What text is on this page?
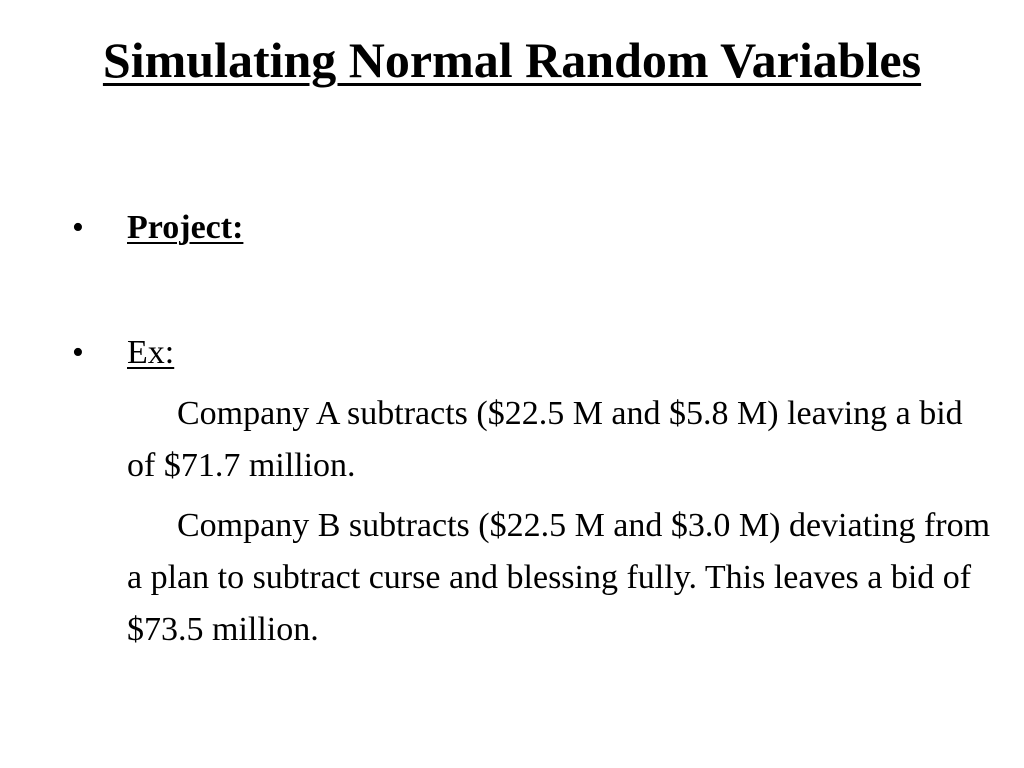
Simulating Normal Random Variables
• Project:
• Ex:

Company A subtracts ($22.5 M and $5.8 M) leaving a bid of $71.7 million.

Company B subtracts ($22.5 M and $3.0 M) deviating from a plan to subtract curse and blessing fully. This leaves a bid of $73.5 million.
